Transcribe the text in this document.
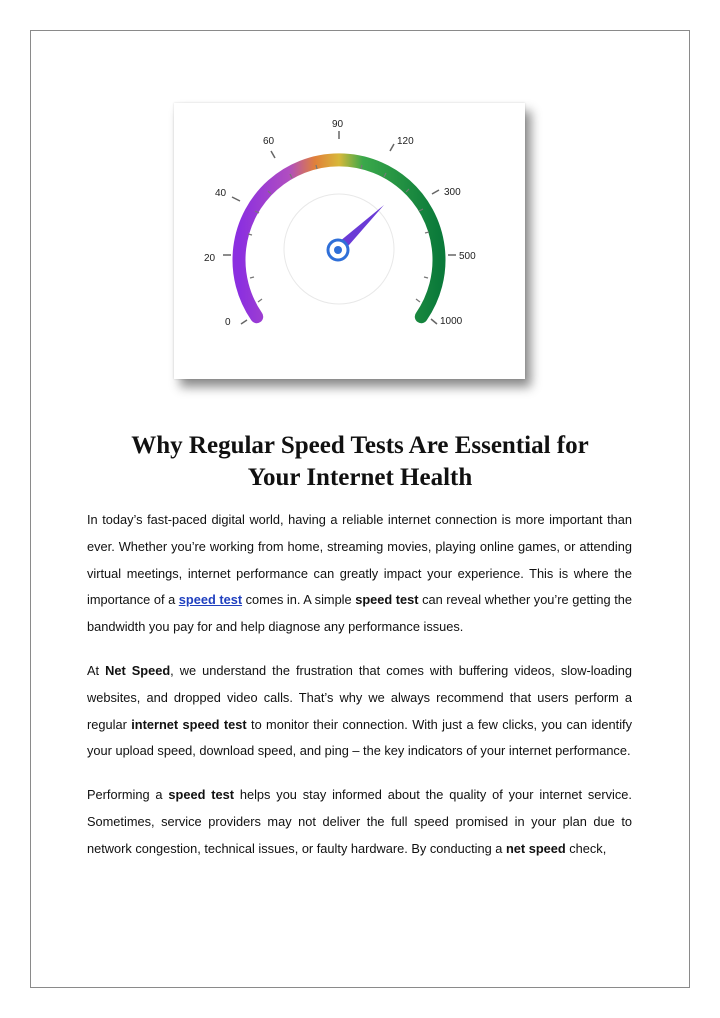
0
20
40
60
90
120
300
500
1000
Why Regular Speed Tests Are Essential for
Your Internet Health

In today’s fast-paced digital world, having a reliable internet connection is more important than ever. Whether you’re working from home, streaming movies, playing online games, or attending virtual meetings, internet performance can greatly impact your experience. This is where the importance of a speed test comes in. A simple speed test can reveal whether you’re getting the bandwidth you pay for and help diagnose any performance issues.

At Net Speed, we understand the frustration that comes with buffering videos, slow-loading websites, and dropped video calls. That’s why we always recommend that users perform a regular internet speed test to monitor their connection. With just a few clicks, you can identify your upload speed, download speed, and ping – the key indicators of your internet performance.

Performing a speed test helps you stay informed about the quality of your internet service. Sometimes, service providers may not deliver the full speed promised in your plan due to network congestion, technical issues, or faulty hardware. By conducting a net speed check,
